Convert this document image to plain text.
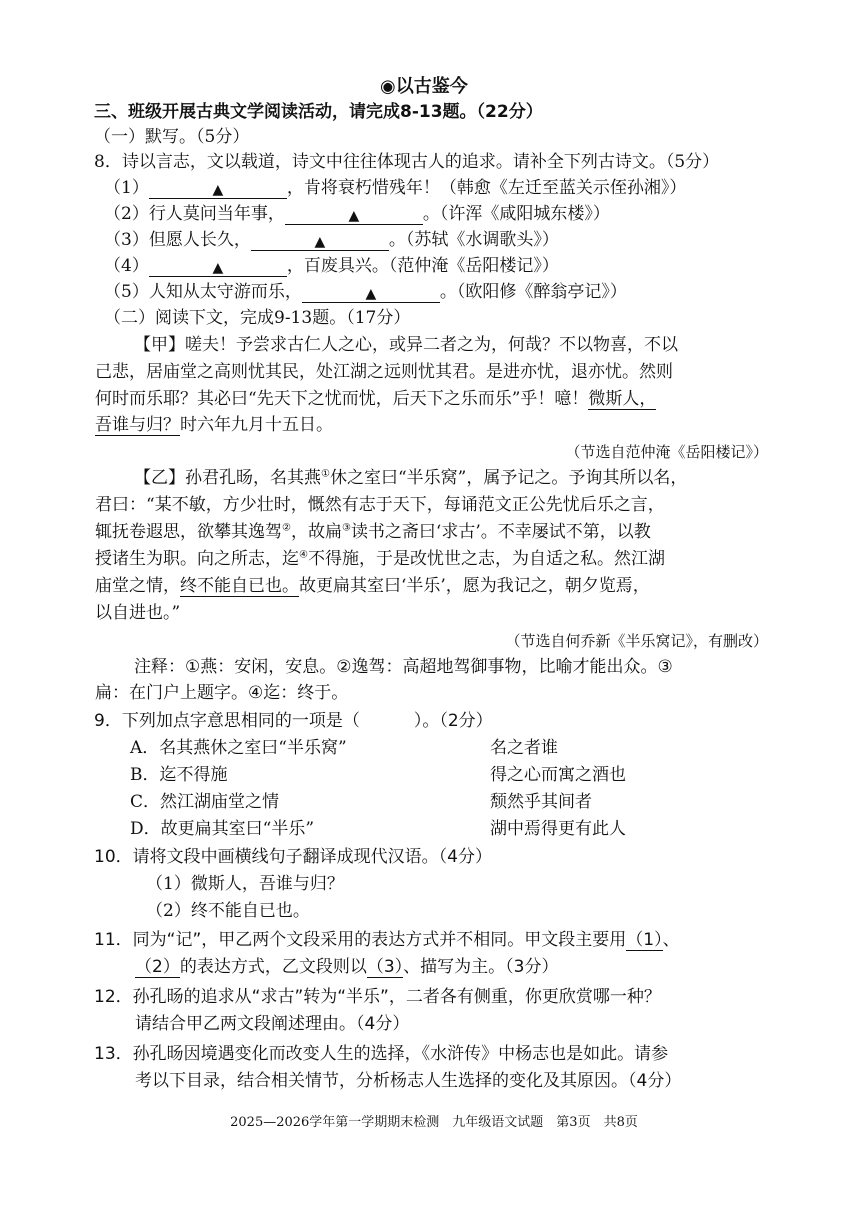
◉以古鉴今
三、班级开展古典文学阅读活动，请完成8-13题。（22分）
（一）默写。（5分）
8．诗以言志，文以载道，诗文中往往体现古人的追求。请补全下列古诗文。（5分）
（1）	▲	，肯将衰朽惜残年！（韩愈《左迁至蓝关示侄孙湘》）
（2）行人莫问当年事，	▲	。（许浑《咸阳城东楼》）
（3）但愿人长久，	▲	。（苏轼《水调歌头》）
（4）	▲	，百废具兴。（范仲淹《岳阳楼记》）
（5）人知从太守游而乐，	▲	。（欧阳修《醉翁亭记》）
（二）阅读下文，完成9-13题。（17分）
【甲】嗟夫！予尝求古仁人之心，或异二者之为，何哉？不以物喜，不以
己悲，居庙堂之高则忧其民，处江湖之远则忧其君。是进亦忧，退亦忧。然则
何时而乐耶？其必曰“先天下之忧而忧，后天下之乐而乐”乎！噫！微斯人，
吾谁与归？时六年九月十五日。
（节选自范仲淹《岳阳楼记》）
【乙】孙君孔旸，名其燕①休之室曰“半乐窝”，属予记之。予询其所以名，
君曰：“某不敏，方少壮时，慨然有志于天下，每诵范文正公先忧后乐之言，
辄抚卷遐思，欲攀其逸驾②，故扁③读书之斋曰‘求古’。不幸屡试不第，以教
授诸生为职。向之所志，迄④不得施，于是改忧世之志，为自适之私。然江湖
庙堂之情，终不能自已也。故更扁其室曰‘半乐’，愿为我记之，朝夕览焉，
以自进也。”
（节选自何乔新《半乐窝记》，有删改）
注释：①燕：安闲，安息。②逸驾：高超地驾御事物，比喻才能出众。③
扁：在门户上题字。④迄：终于。
9．下列加点字意思相同的一项是（	）。（2分）
A．名其燕休之室曰“半乐窝”	名之者谁
B．迄不得施	得之心而寓之酒也
C．然江湖庙堂之情	颓然乎其间者
D．故更扁其室曰“半乐”	湖中焉得更有此人
10．请将文段中画横线句子翻译成现代汉语。（4分）
（1）微斯人，吾谁与归？
（2）终不能自已也。
11．同为“记”，甲乙两个文段采用的表达方式并不相同。甲文段主要用（1）、
（2）的表达方式，乙文段则以（3）、描写为主。（3分）
12．孙孔旸的追求从“求古”转为“半乐”，二者各有侧重，你更欣赏哪一种？
请结合甲乙两文段阐述理由。（4分）
13．孙孔旸因境遇变化而改变人生的选择，《水浒传》中杨志也是如此。请参
考以下目录，结合相关情节，分析杨志人生选择的变化及其原因。（4分）
2025—2026学年第一学期期末检测　九年级语文试题　第3页　共8页
